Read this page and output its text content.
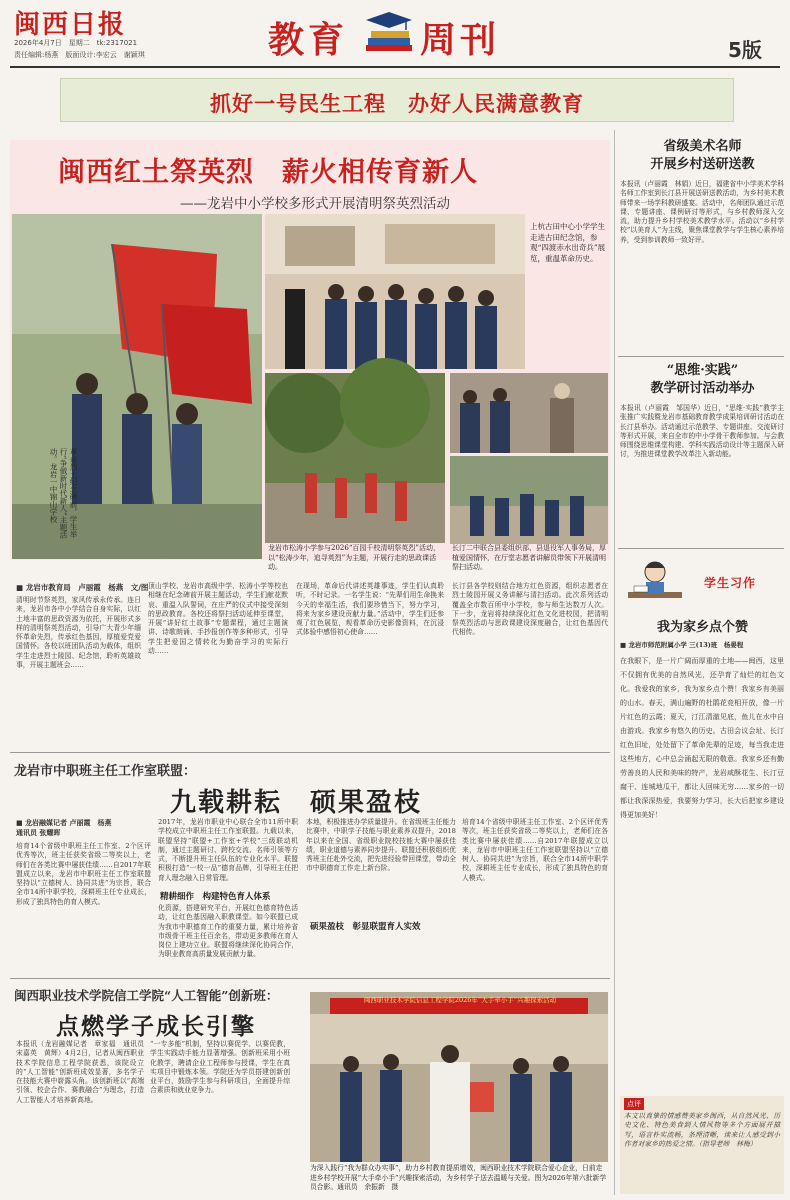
闽西日报
2026年4月7日　星期二　tk:2317021
责任编辑:杨燕　版面设计:李宏云　谢颖琪	教育 周刊	5版
抓好一号民生工程　办好人民满意教育
闽西红土祭英烈　薪火相传育新人
——龙岩中小学校多形式开展清明祭英烈活动
革命烈士纪念碑前，学生举行“争做新时代新人”主题活动。龙岩一中锦山学校
上杭古田中心小学学生走进古田纪念馆，参观“四渡赤水出奇兵”展览，重温革命历史。
龙岩市松涛小学参与2026“百园千校清明祭英烈”活动，以“松涛少年，追寻英烈”为主题，开展行走的思政课活动。
长汀二中联合县委组织部、县退役军人事务局，厚植爱国情怀，在厅堂志愿者讲解员带领下开展清明祭扫活动。
■ 龙岩市教育局　卢丽霞　杨燕　文/图
清明时节祭英烈，家风传承永传承。连日来，龙岩市各中小学结合自身实际，以红土地丰富的思政资源为依托，开展形式多样的清明祭英烈活动，引导广大青少年缅怀革命先烈，传承红色基因，厚植爱党爱国情怀。各校以班团队活动为载体，组织学生走进烈士陵园、纪念馆，聆听英雄故事，开展主题班会……
顶山学校、龙岩市高级中学、松涛小学等校也相继在纪念碑前开展主题活动，学生们献花默哀、重温入队誓词，在庄严的仪式中接受深刻的思政教育。各校还将祭扫活动延伸至课堂，开展“讲好红土故事”专题课程，通过主题演讲、诗歌朗诵、手抄报创作等多种形式，引导学生把爱国之情转化为勤奋学习的实际行动……
在现场，革命后代讲述英雄事迹，学生们认真聆听，不时记录。一名学生说：“先辈们用生命换来今天的幸福生活，我们要珍惜当下，努力学习，将来为家乡建设贡献力量。”活动中，学生们还参观了红色展览，观看革命历史影像资料，在沉浸式体验中感悟初心使命……
长汀县各学校则结合地方红色资源，组织志愿者在烈士陵园开展义务讲解与清扫活动。此次系列活动覆盖全市数百所中小学校，参与师生达数万人次。下一步，龙岩将持续深化红色文化进校园，把清明祭英烈活动与思政课建设深度融合，让红色基因代代相传。
龙岩市中职班主任工作室联盟：
九载耕耘　硕果盈枝
■ 龙岩融媒记者 卢丽霞　杨燕
通讯员 张耀晖
培育14个省级中职班主任工作室、2个区评优秀等次，班主任获奖省级二等奖以上，老师们在各类比赛中屡获佳绩……自2017年联盟成立以来，龙岩市中职班主任工作室联盟坚持以“立德树人、协同共进”为宗旨，联合全市14所中职学校，深耕班主任专业成长，形成了独具特色的育人模式。
2017年，龙岩市职业中心联合全市11所中职学校成立中职班主任工作室联盟。九载以来，联盟坚持“联盟+工作室+学校”三级联动机制，通过主题研讨、跨校交流、名师引领等方式，不断提升班主任队伍的专业化水平。联盟积极打造“一校一品”德育品牌，引导班主任把育人理念融入日常管理。
精耕细作　构建特色育人体系
化资源，搭建研究平台，开展红色德育特色活动，让红色基因融入职教课堂。如今联盟已成为我市中职德育工作的重要力量，累计培养省市级骨干班主任百余名，带动更多教师在育人岗位上建功立业。联盟将继续深化协同合作，为职业教育高质量发展贡献力量。
硕果盈枝　彰显联盟育人实效
本地，积极推进办学质量提升。在省级班主任能力比赛中，中职学子技能与职业素养双提升，2018年以来在全国、省级职业院校技能大赛中屡获佳绩，职业道德与素养同步提升。联盟还积极组织优秀班主任赴外交流，把先进经验带回课堂，带动全市中职德育工作走上新台阶。
培育14个省级中职班主任工作室、2个区评优秀等次，班主任获奖省级二等奖以上，老师们在各类比赛中屡获佳绩……自2017年联盟成立以来，龙岩市中职班主任工作室联盟坚持以“立德树人、协同共进”为宗旨，联合全市14所中职学校，深耕班主任专业成长，形成了独具特色的育人模式。
闽西职业技术学院信工学院“人工智能”创新班：
点燃学子成长引擎
本报讯（龙岩融媒记者　章家福　通讯员　宋嘉英　黄辉）4月2日，记者从闽西职业技术学院信息工程学院获悉，该院设立的“人工智能”创新班成效显著，多名学子在技能大赛中崭露头角。该创新班以“高端引领、校企合作、赛教融合”为理念，打造人工智能人才培养新高地。
“一专多能”机制，坚持以赛促学、以赛促教，学生实践动手能力显著增强。创新班采用小班化教学，聘请企业工程师参与授课，学生在真实项目中锻炼本领。学院还为学员搭建创新创业平台，鼓励学生参与科研项目，全面提升综合素质和就业竞争力。
闽西职业技术学院信息工程学院2026年“大手牵小手”兴趣探索活动
为深入践行“我为群众办实事”，助力乡村教育提质增效，闽西职业技术学院联合爱心企业，日前走进乡村学校开展“大手牵小手”兴趣探索活动，为乡村学子送去温暖与关爱。图为2026年第六批新学员合影。通讯员　余振新　摄
省级美术名师
开展乡村送研送教
本报讯（卢丽霞　林娟）近日，福建省中小学美术学科名师工作室到长汀县开展送研送教活动，为乡村美术教师带来一场学科教研盛宴。活动中，名师团队通过示范课、专题讲座、课例研讨等形式，与乡村教师深入交流，助力提升乡村学校美术教学水平。活动以“乡村学校”以美育人”为主线，聚焦课堂教学与学生核心素养培养，受到参训教师一致好评。
“思维·实践”
教学研讨活动举办
本报讯（卢丽霞　邹国华）近日，“思维·实践”教学主张推广实践暨龙岩市基础教育教学成果培训研讨活动在长汀县举办。活动通过示范教学、专题讲座、交流研讨等形式开展，来自全市的中小学骨干教师参加。与会教师围绕思维课堂构建、学科实践活动设计等主题深入研讨，为推进课堂教学改革注入新动能。
学生习作
我为家乡点个赞
■ 龙岩市师范附属小学 三(13)班　杨晏程
在我眼下，是一片广阔而厚重的土地——闽西，这里不仅拥有优美的自然风光，还孕育了灿烂的红色文化。我爱我的家乡，我为家乡点个赞！我家乡有美丽的山水。春天，满山遍野的杜鹃花竞相开放，像一片片红色的云霞；夏天，汀江清澈见底，鱼儿在水中自由游戏。我家乡有悠久的历史。古田会议会址、长汀红色旧址，处处留下了革命先辈的足迹，每当我走进这些地方，心中总会涌起无限的敬意。我家乡还有勤劳善良的人民和美味的特产，龙岩咸酥花生、长汀豆腐干、连城地瓜干，都让人回味无穷……家乡的一切都让我深深热爱，我要努力学习，长大后把家乡建设得更加美好！
点评
本文以真挚的情感赞美家乡闽西，从自然风光、历史文化、特色美食到人情风物等多个方面展开描写，语言朴实流畅，条理清晰，读来让人感受到小作者对家乡的热爱之情。（指导老师　林梅）
